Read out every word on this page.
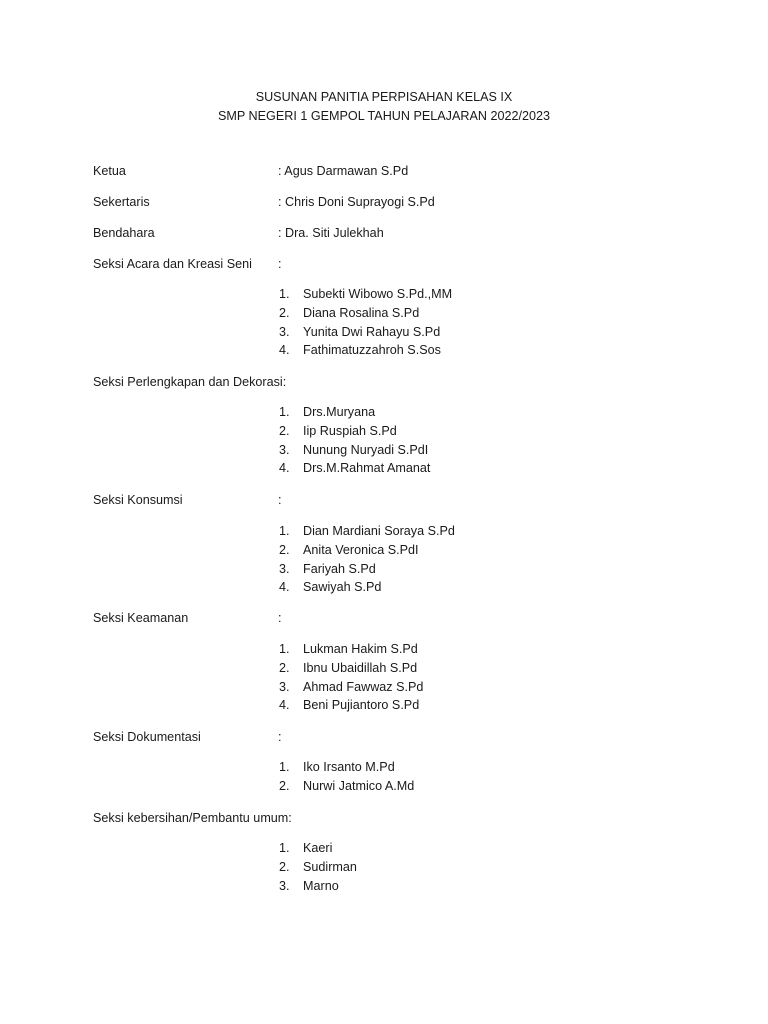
SUSUNAN PANITIA PERPISAHAN KELAS IX
SMP NEGERI 1 GEMPOL TAHUN PELAJARAN 2022/2023
Ketua	: Agus Darmawan S.Pd
Sekertaris	: Chris Doni Suprayogi S.Pd
Bendahara	: Dra. Siti Julekhah
Seksi Acara dan Kreasi Seni :
1. Subekti Wibowo S.Pd.,MM
2. Diana Rosalina S.Pd
3. Yunita Dwi Rahayu S.Pd
4. Fathimatuzzahroh S.Sos
Seksi Perlengkapan dan Dekorasi:
1. Drs.Muryana
2. Iip Ruspiah S.Pd
3. Nunung Nuryadi S.PdI
4. Drs.M.Rahmat Amanat
Seksi Konsumsi	:
1. Dian Mardiani Soraya S.Pd
2. Anita Veronica S.PdI
3. Fariyah S.Pd
4. Sawiyah S.Pd
Seksi Keamanan	:
1. Lukman Hakim S.Pd
2. Ibnu Ubaidillah S.Pd
3. Ahmad Fawwaz S.Pd
4. Beni Pujiantoro S.Pd
Seksi Dokumentasi	:
1. Iko Irsanto M.Pd
2. Nurwi Jatmico A.Md
Seksi kebersihan/Pembantu umum:
1. Kaeri
2. Sudirman
3. Marno
